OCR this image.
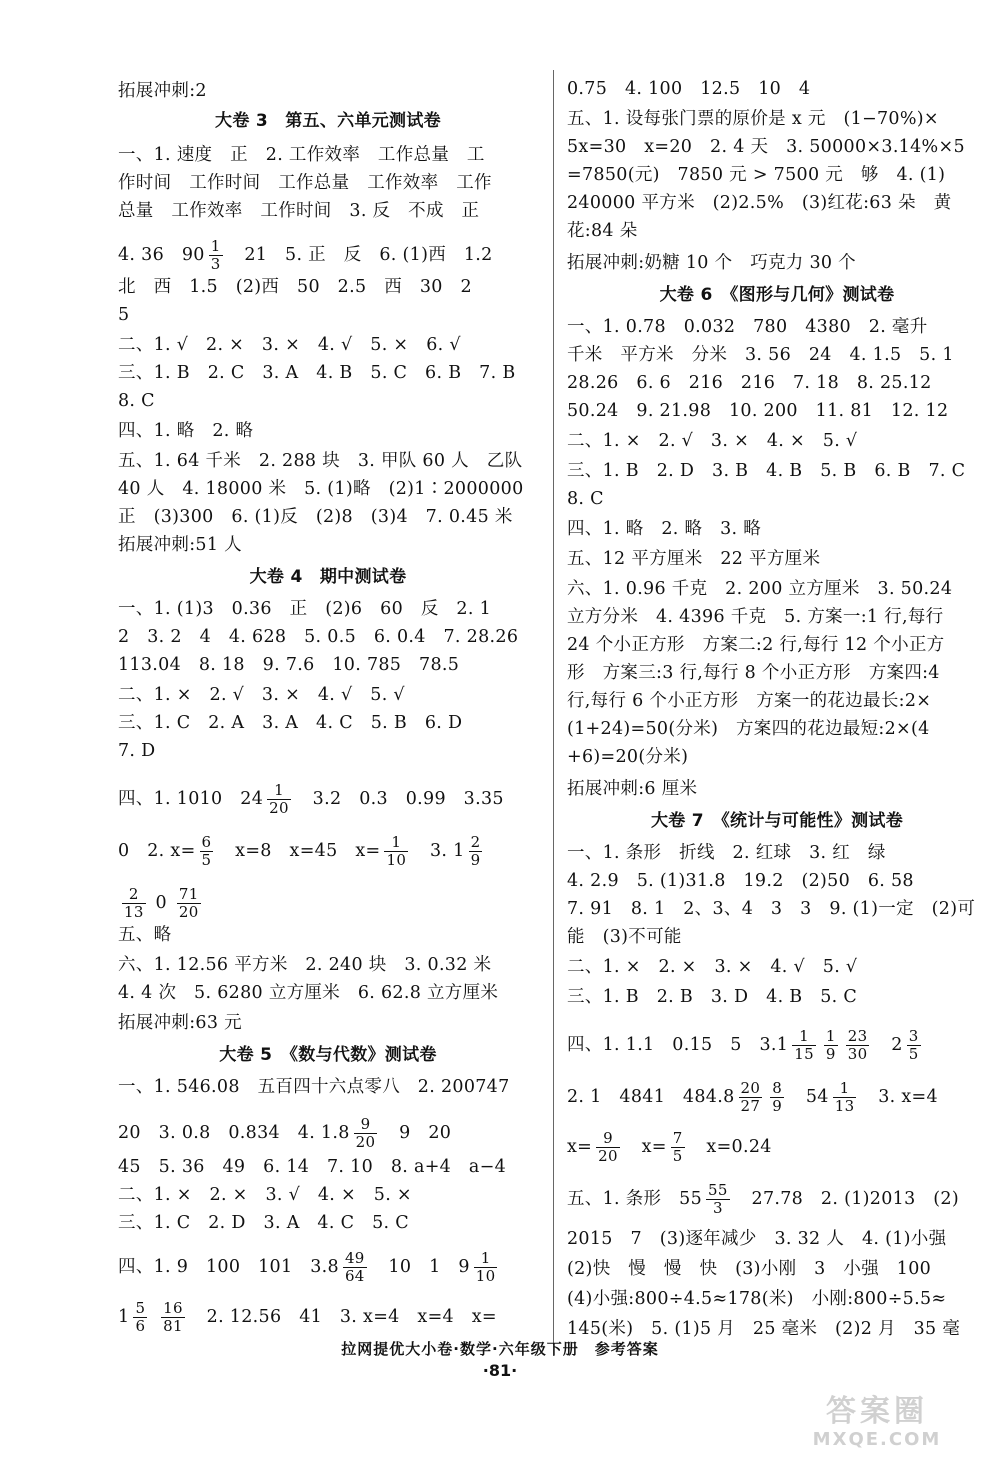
拓展冲刺:2
大卷 3　第五、六单元测试卷
一、1. 速度　正　2. 工作效率　工作总量　工
作时间　工作时间　工作总量　工作效率　工作
总量　工作效率　工作时间　3. 反　不成　正
4. 36　$90 \frac{1}{3}$ 　21　5. 正　反　6. (1)西　1.2
北　西　1.5　(2)西　50　2.5　西　30　2
5
二、1. √　2. ×　3. ×　4. √　5. ×　6. √
三、1. B　2. C　3. A　4. B　5. C　6. B　7. B
8. C
四、1. 略　2. 略
五、1. 64 千米　2. 288 块　3. 甲队 60 人　乙队
40 人　4. 18000 米　5. (1)略　(2)1∶2000000
正　(3)300　6. (1)反　(2)8　(3)4　7. 0.45 米
拓展冲刺:51 人
大卷 4　期中测试卷
一、1. (1)3　0.36　正　(2)6　60　反　2. 1
2　3. 2　4　4. 628　5. 0.5　6. 0.4　7. 28.26
113.04　8. 18　9. 7.6　10. 785　78.5
二、1. ×　2. √　3. ×　4. √　5. √
三、1. C　2. A　3. A　4. C　5. B　6. D
7. D
四、1. 1010　$24 \frac{1}{20}$ 　3.2　0.3　0.99　3.35
0　2. $x= \frac{6}{5}$ 　x=8　x=45　$x= \frac{1}{10}$ 　3. $1 \frac{2}{9}$
$\frac{2}{13} 0 \frac{71}{20}$
五、略
六、1. 12.56 平方米　2. 240 块　3. 0.32 米
4. 4 次　5. 6280 立方厘米　6. 62.8 立方厘米
拓展冲刺:63 元
大卷 5　《数与代数》测试卷
一、1. 546.08　五百四十六点零八　2. 200747
20　3. 0.8　0.834　4. $1.8 \frac{9}{20}$ 　9　20
45　5. 36　49　6. 14　7. 10　8. a+4　a−4
二、1. ×　2. ×　3. √　4. ×　5. ×
三、1. C　2. D　3. A　4. C　5. C
四、1. 9　100　101　$3.8 \frac{49}{64}$ 　10　1　$9 \frac{1}{10}$
$1 \frac{5}{6}$
$\frac{16}{81}$ 　2. 12.56　41　3. x=4　x=4　x=
0.75　4. 100　12.5　10　4
五、1. 设每张门票的原价是 x 元　(1−70%)×
5x=30　x=20　2. 4 天　3. 50000×3.14%×5
=7850(元)　7850 元 > 7500 元　够　4. (1)
240000 平方米　(2)2.5%　(3)红花:63 朵　黄
花:84 朵
拓展冲刺:奶糖 10 个　巧克力 30 个
大卷 6　《图形与几何》测试卷
一、1. 0.78　0.032　780　4380　2. 毫升
千米　平方米　分米　3. 56　24　4. 1.5　5. 1
28.26　6. 6　216　216　7. 18　8. 25.12
50.24　9. 21.98　10. 200　11. 81　12. 12
二、1. ×　2. √　3. ×　4. ×　5. √
三、1. B　2. D　3. B　4. B　5. B　6. B　7. C
8. C
四、1. 略　2. 略　3. 略
五、12 平方厘米　22 平方厘米
六、1. 0.96 千克　2. 200 立方厘米　3. 50.24
立方分米　4. 4396 千克　5. 方案一:1 行,每行
24 个小正方形　方案二:2 行,每行 12 个小正方
形　方案三:3 行,每行 8 个小正方形　方案四:4
行,每行 6 个小正方形　方案一的花边最长:2×
(1+24)=50(分米)　方案四的花边最短:2×(4
+6)=20(分米)
拓展冲刺:6 厘米
大卷 7　《统计与可能性》测试卷
一、1. 条形　折线　2. 红球　3. 红　绿
4. 2.9　5. (1)31.8　19.2　(2)50　6. 58
7. 91　8. 1　2、3、4　3　3　9. (1)一定　(2)可
能　(3)不可能
二、1. ×　2. ×　3. ×　4. √　5. √
三、1. B　2. B　3. D　4. B　5. C
四、1. 1.1　0.15　5　$3.1 \frac{1}{15} \frac{1}{9} \frac{23}{30}$ 　$2 \frac{3}{5}$
2. 1　4841　$484.8 \frac{20}{27} \frac{8}{9}$ 　$54 \frac{1}{13}$ 　3. x=4
$x= \frac{9}{20}$ 　$x= \frac{7}{5}$ 　x=0.24
五、1. 条形　$55 \frac{55}{3}$ 　27.78　2. (1)2013　(2)
2015　7　(3)逐年减少　3. 32 人　4. (1)小强
(2)快　慢　慢　快　(3)小刚　3　小强　100
(4)小强:800÷4.5≈178(米)　小刚:800÷5.5≈
145(米)　5. (1)5 月　25 毫米　(2)2 月　35 毫
拉网提优大小卷·数学·六年级下册　参考答案
·81·
答案圈
MXQE.COM
